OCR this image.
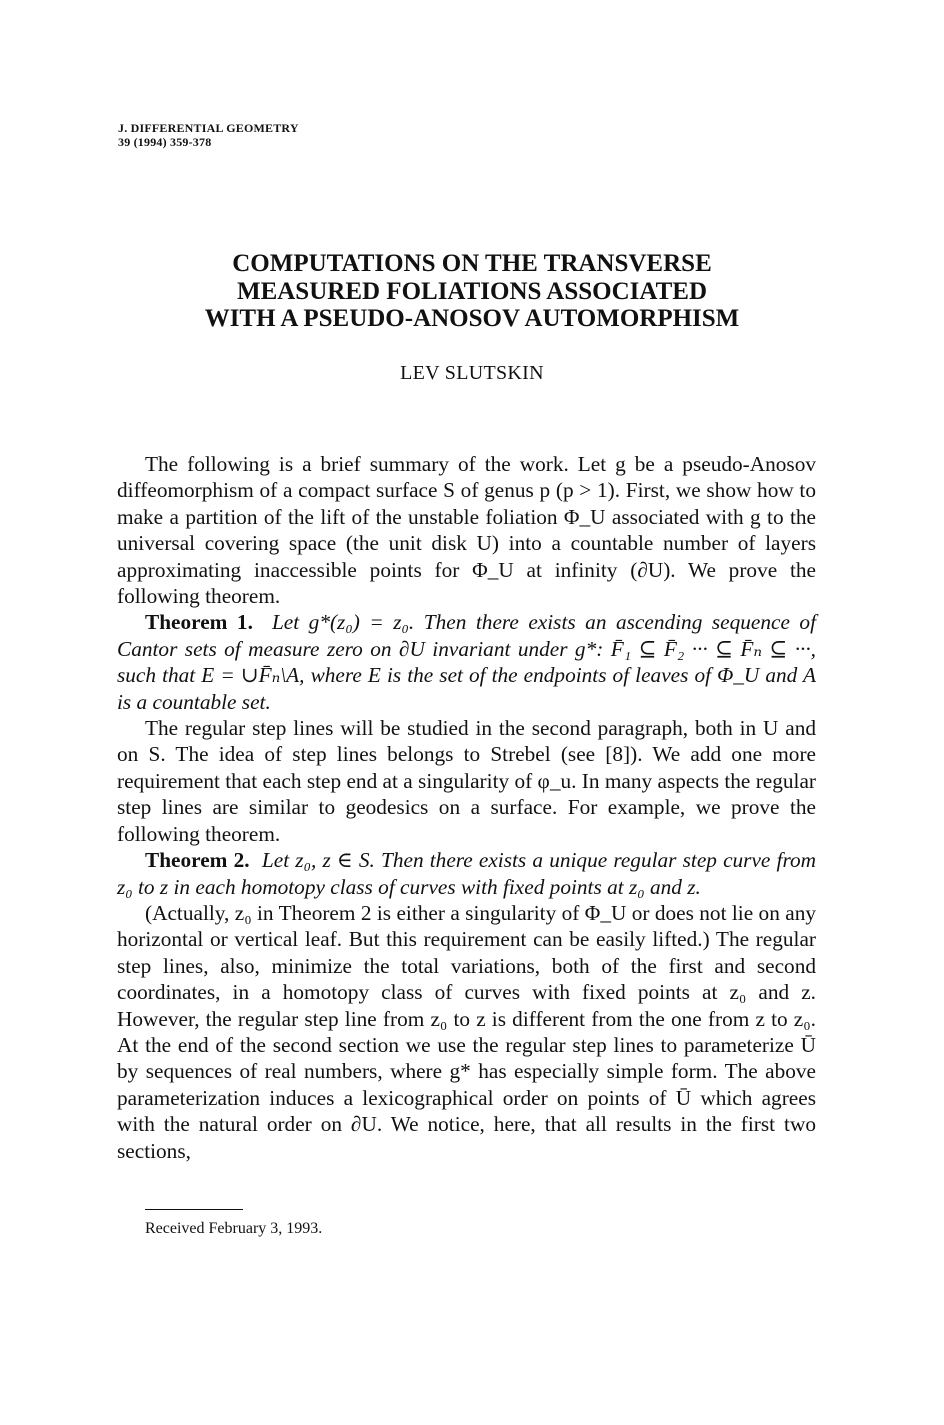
J. DIFFERENTIAL GEOMETRY
39 (1994) 359-378
COMPUTATIONS ON THE TRANSVERSE
MEASURED FOLIATIONS ASSOCIATED
WITH A PSEUDO-ANOSOV AUTOMORPHISM
LEV SLUTSKIN

The following is a brief summary of the work. Let g be a pseudo-Anosov diffeomorphism of a compact surface S of genus p (p > 1). First, we show how to make a partition of the lift of the unstable foliation Φ_U associated with g to the universal covering space (the unit disk U) into a countable number of layers approximating inaccessible points for Φ_U at infinity (∂U). We prove the following theorem.

Theorem 1. Let g*(z₀) = z₀. Then there exists an ascending sequence of Cantor sets of measure zero on ∂U invariant under g*: F̄₁ ⊆ F̄₂ ··· ⊆ F̄ₙ ⊆ ···, such that E = ∪F̄ₙ\A, where E is the set of the endpoints of leaves of Φ_U and A is a countable set.

The regular step lines will be studied in the second paragraph, both in U and on S. The idea of step lines belongs to Strebel (see [8]). We add one more requirement that each step end at a singularity of φ_u. In many aspects the regular step lines are similar to geodesics on a surface. For example, we prove the following theorem.

Theorem 2. Let z₀, z ∈ S. Then there exists a unique regular step curve from z₀ to z in each homotopy class of curves with fixed points at z₀ and z.

(Actually, z₀ in Theorem 2 is either a singularity of Φ_U or does not lie on any horizontal or vertical leaf. But this requirement can be easily lifted.) The regular step lines, also, minimize the total variations, both of the first and second coordinates, in a homotopy class of curves with fixed points at z₀ and z. However, the regular step line from z₀ to z is different from the one from z to z₀. At the end of the second section we use the regular step lines to parameterize Ū by sequences of real numbers, where g* has especially simple form. The above parameterization induces a lexicographical order on points of Ū which agrees with the natural order on ∂U. We notice, here, that all results in the first two sections,

Received February 3, 1993.
